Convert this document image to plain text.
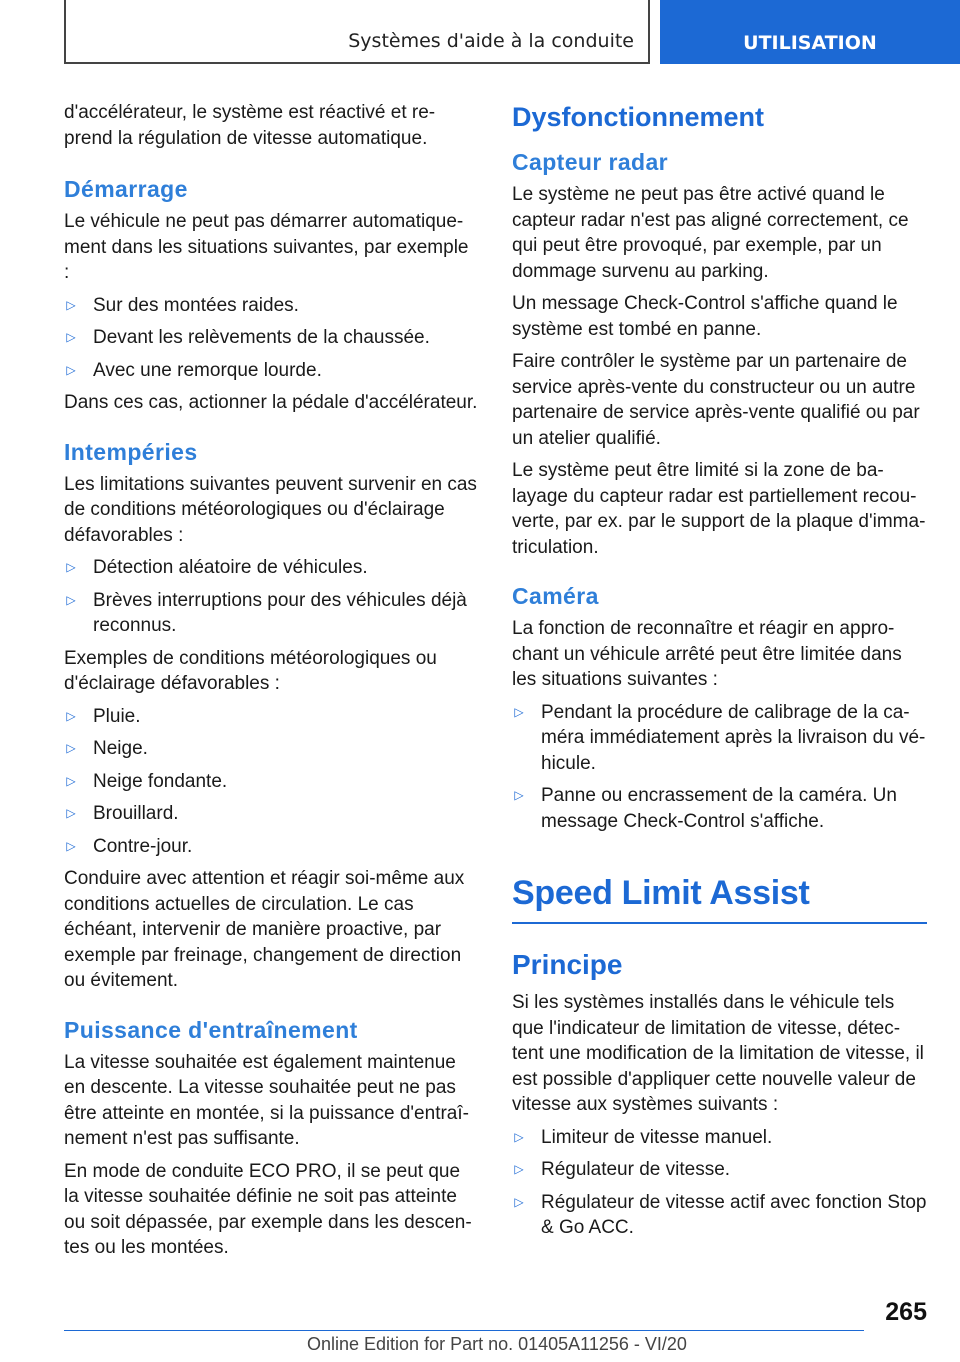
Systèmes d'aide à la conduite	UTILISATION

d'accélérateur, le système est réactivé et re-prend la régulation de vitesse automatique.

Démarrage

Le véhicule ne peut pas démarrer automatique-ment dans les situations suivantes, par exemple :

▷ Sur des montées raides.
▷ Devant les relèvements de la chaussée.
▷ Avec une remorque lourde.

Dans ces cas, actionner la pédale d'accélérateur.

Intempéries

Les limitations suivantes peuvent survenir en cas de conditions météorologiques ou d'éclairage défavorables :

▷ Détection aléatoire de véhicules.
▷ Brèves interruptions pour des véhicules déjà reconnus.

Exemples de conditions météorologiques ou d'éclairage défavorables :

▷ Pluie.
▷ Neige.
▷ Neige fondante.
▷ Brouillard.
▷ Contre-jour.

Conduire avec attention et réagir soi-même aux conditions actuelles de circulation. Le cas échéant, intervenir de manière proactive, par exemple par freinage, changement de direction ou évitement.

Puissance d'entraînement

La vitesse souhaitée est également maintenue en descente. La vitesse souhaitée peut ne pas être atteinte en montée, si la puissance d'entraî-nement n'est pas suffisante.

En mode de conduite ECO PRO, il se peut que la vitesse souhaitée définie ne soit pas atteinte ou soit dépassée, par exemple dans les descen-tes ou les montées.

Dysfonctionnement
Capteur radar

Le système ne peut pas être activé quand le capteur radar n'est pas aligné correctement, ce qui peut être provoqué, par exemple, par un dommage survenu au parking.

Un message Check-Control s'affiche quand le système est tombé en panne.

Faire contrôler le système par un partenaire de service après-vente du constructeur ou un autre partenaire de service après-vente qualifié ou par un atelier qualifié.

Le système peut être limité si la zone de ba-layage du capteur radar est partiellement recou-verte, par ex. par le support de la plaque d'imma-triculation.

Caméra

La fonction de reconnaître et réagir en appro-chant un véhicule arrêté peut être limitée dans les situations suivantes :

▷ Pendant la procédure de calibrage de la ca-méra immédiatement après la livraison du vé-hicule.
▷ Panne ou encrassement de la caméra. Un message Check-Control s'affiche.
Speed Limit Assist
Principe

Si les systèmes installés dans le véhicule tels que l'indicateur de limitation de vitesse, détec-tent une modification de la limitation de vitesse, il est possible d'appliquer cette nouvelle valeur de vitesse aux systèmes suivants :

▷ Limiteur de vitesse manuel.
▷ Régulateur de vitesse.
▷ Régulateur de vitesse actif avec fonction Stop & Go ACC.
265
Online Edition for Part no. 01405A11256 - VI/20
